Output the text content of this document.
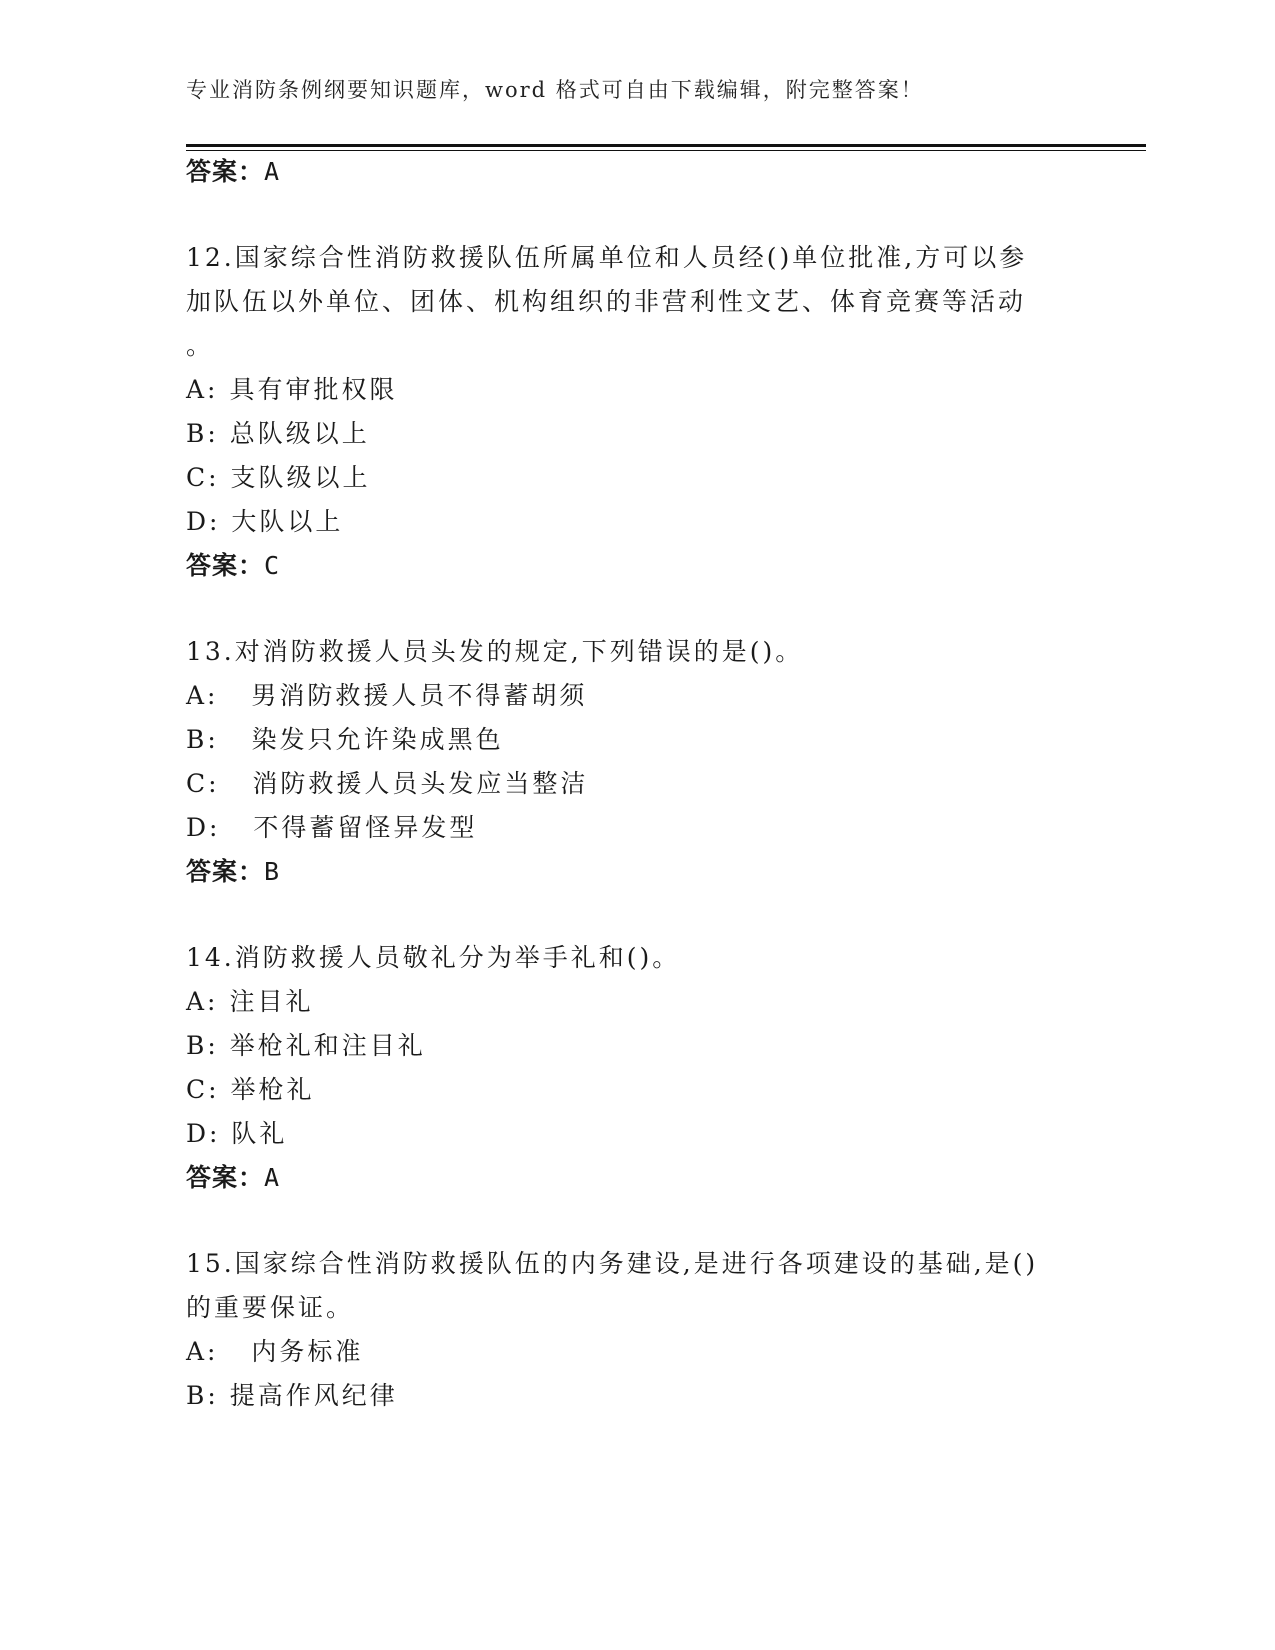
专业消防条例纲要知识题库，word 格式可自由下载编辑，附完整答案！
答案：A
12.国家综合性消防救援队伍所属单位和人员经()单位批准,方可以参
加队伍以外单位、团体、机构组织的非营利性文艺、体育竞赛等活动
。
A: 具有审批权限
B: 总队级以上
C: 支队级以上
D: 大队以上
答案：C
13.对消防救援人员头发的规定,下列错误的是()。
A: 男消防救援人员不得蓄胡须
B: 染发只允许染成黑色
C: 消防救援人员头发应当整洁
D: 不得蓄留怪异发型
答案：B
14.消防救援人员敬礼分为举手礼和()。
A: 注目礼
B: 举枪礼和注目礼
C: 举枪礼
D: 队礼
答案：A
15.国家综合性消防救援队伍的内务建设,是进行各项建设的基础,是()
的重要保证。
A: 内务标准
B: 提高作风纪律
